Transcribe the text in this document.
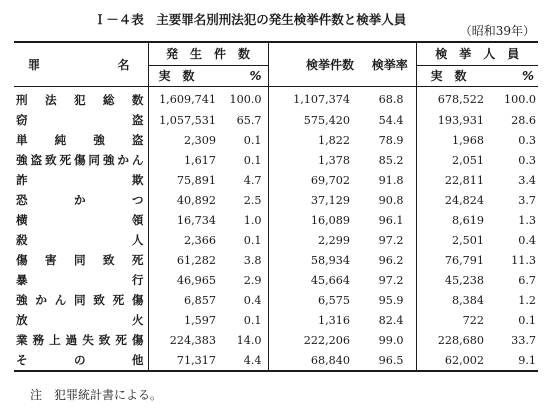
Ｉ－４表　主要罪名別刑法犯の発生検挙件数と検挙人員
（昭和39年）
罪 名	発　生　件　数		検挙件数	検挙率	検　挙　人　員	
	実　数	%			実　数	%
刑法犯総数	1,609,741	100.0	1,107,374	68.8	678,522	100.0
窃盗	1,057,531	65.7	575,420	54.4	193,931	28.6
単純強盗	2,309	0.1	1,822	78.9	1,968	0.3
強盗致死傷同強かん	1,617	0.1	1,378	85.2	2,051	0.3
詐欺	75,891	4.7	69,702	91.8	22,811	3.4
恐かつ	40,892	2.5	37,129	90.8	24,824	3.7
横領	16,734	1.0	16,089	96.1	8,619	1.3
殺人	2,366	0.1	2,299	97.2	2,501	0.4
傷害同致死	61,282	3.8	58,934	96.2	76,791	11.3
暴行	46,965	2.9	45,664	97.2	45,238	6.7
強かん同致死傷	6,857	0.4	6,575	95.9	8,384	1.2
放火	1,597	0.1	1,316	82.4	722	0.1
業務上過失致死傷	224,383	14.0	222,206	99.0	228,680	33.7
その他	71,317	4.4	68,840	96.5	62,002	9.1
注　犯罪統計書による。
